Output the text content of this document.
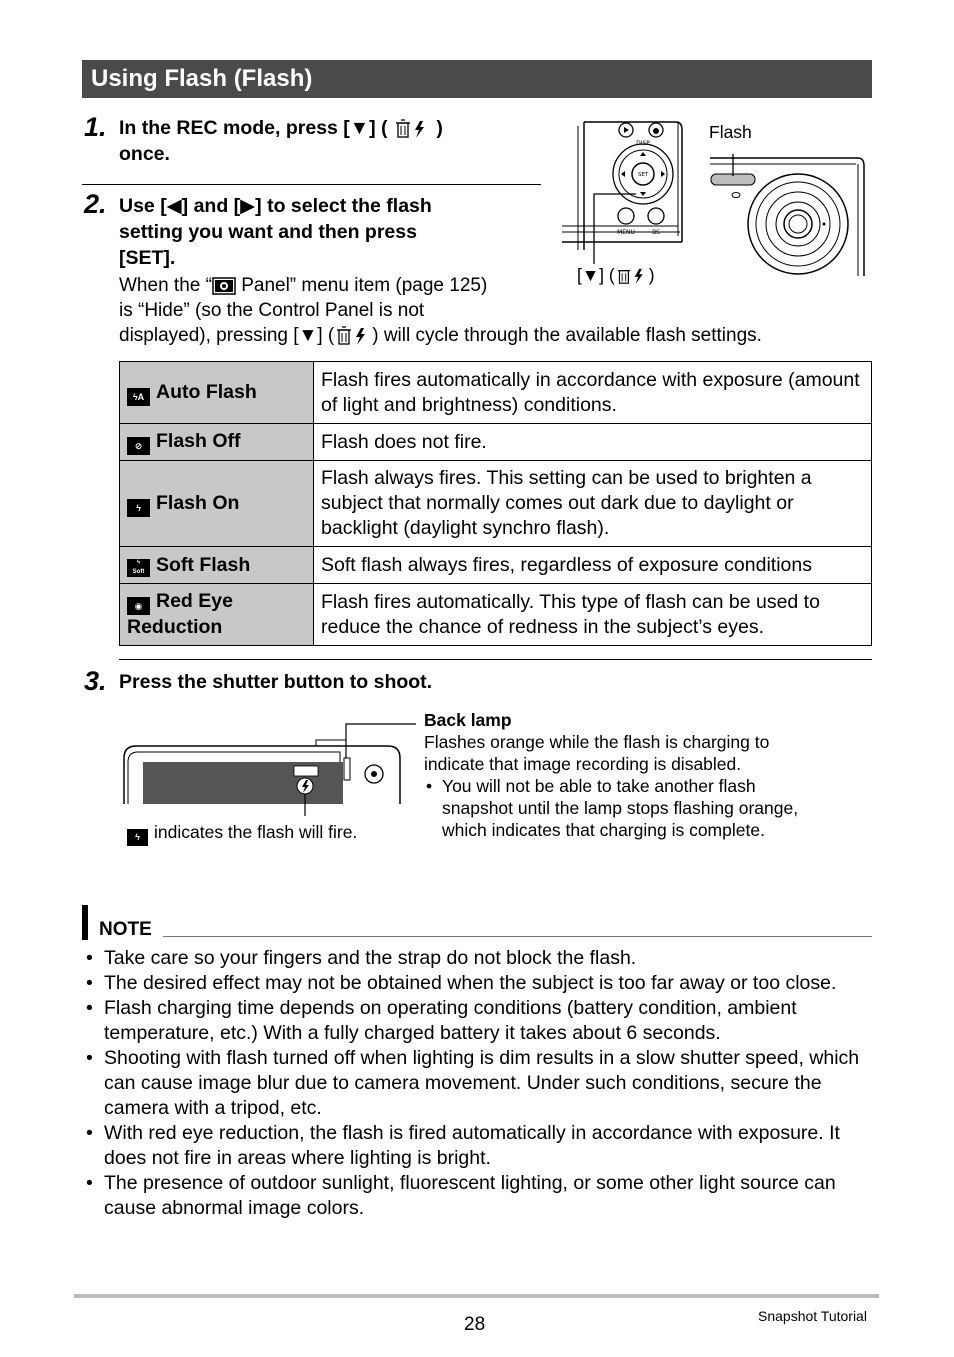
Using Flash (Flash)
1. In the REC mode, press [▼] (	)
once.
2. Use [◀] and [▶] to select the flash
setting you want and then press
[SET].
When the “ Panel” menu item (page 125)
is “Hide” (so the Control Panel is not
displayed), pressing [▼] ( ) will cycle through the available flash settings.
DISP
SET
MENU	BS
Flash
[▼] ( )
ϟA Auto Flash	Flash fires automatically in accordance with exposure (amount of light and brightness) conditions.
⊘ Flash Off	Flash does not fire.
ϟ Flash On	Flash always fires. This setting can be used to brighten a subject that normally comes out dark due to daylight or backlight (daylight synchro flash).
ϟ
Soft Soft Flash	Soft flash always fires, regardless of exposure conditions
◉ Red Eye Reduction	Flash fires automatically. This type of flash can be used to reduce the chance of redness in the subject’s eyes.
3. Press the shutter button to shoot.
Back lamp
Flashes orange while the flash is charging to
indicate that image recording is disabled.
• You will not be able to take another flash
snapshot until the lamp stops flashing orange,
which indicates that charging is complete.
ϟ indicates the flash will fire.
NOTE
• Take care so your fingers and the strap do not block the flash.
• The desired effect may not be obtained when the subject is too far away or too close.
• Flash charging time depends on operating conditions (battery condition, ambient temperature, etc.) With a fully charged battery it takes about 6 seconds.
• Shooting with flash turned off when lighting is dim results in a slow shutter speed, which can cause image blur due to camera movement. Under such conditions, secure the camera with a tripod, etc.
• With red eye reduction, the flash is fired automatically in accordance with exposure. It does not fire in areas where lighting is bright.
• The presence of outdoor sunlight, fluorescent lighting, or some other light source can cause abnormal image colors.
28	Snapshot Tutorial
